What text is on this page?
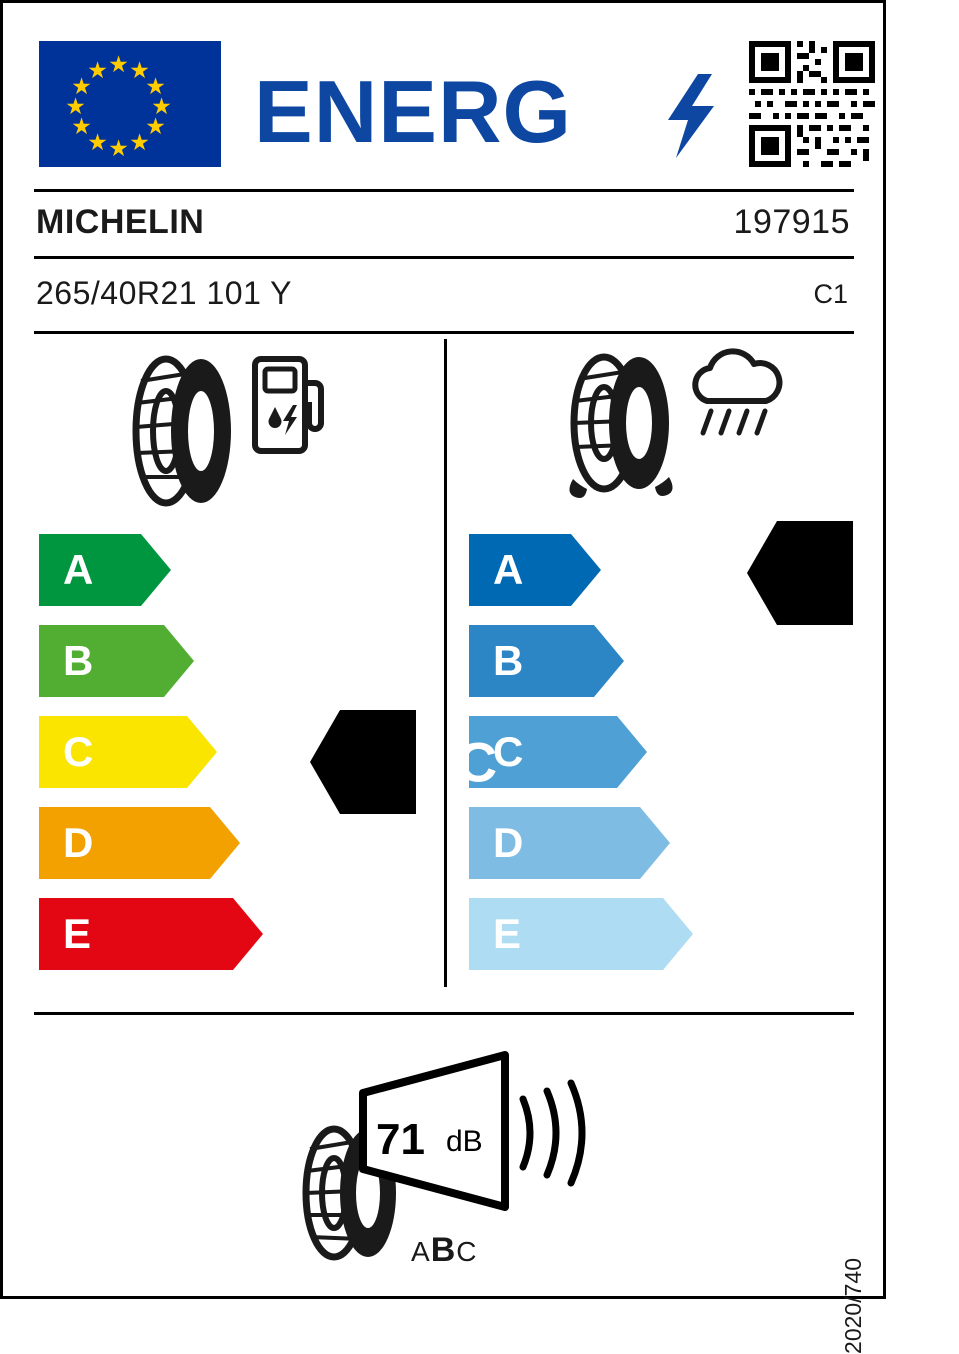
★
★ ★
★ ★
★	★
★ ★
★ ★
★ ENERG
MICHELIN	197915
265/40R21 101 Y	C1
A
B
C
D
E
A
B
C
D
E
C
A
71 dB
ABC
2020/740
